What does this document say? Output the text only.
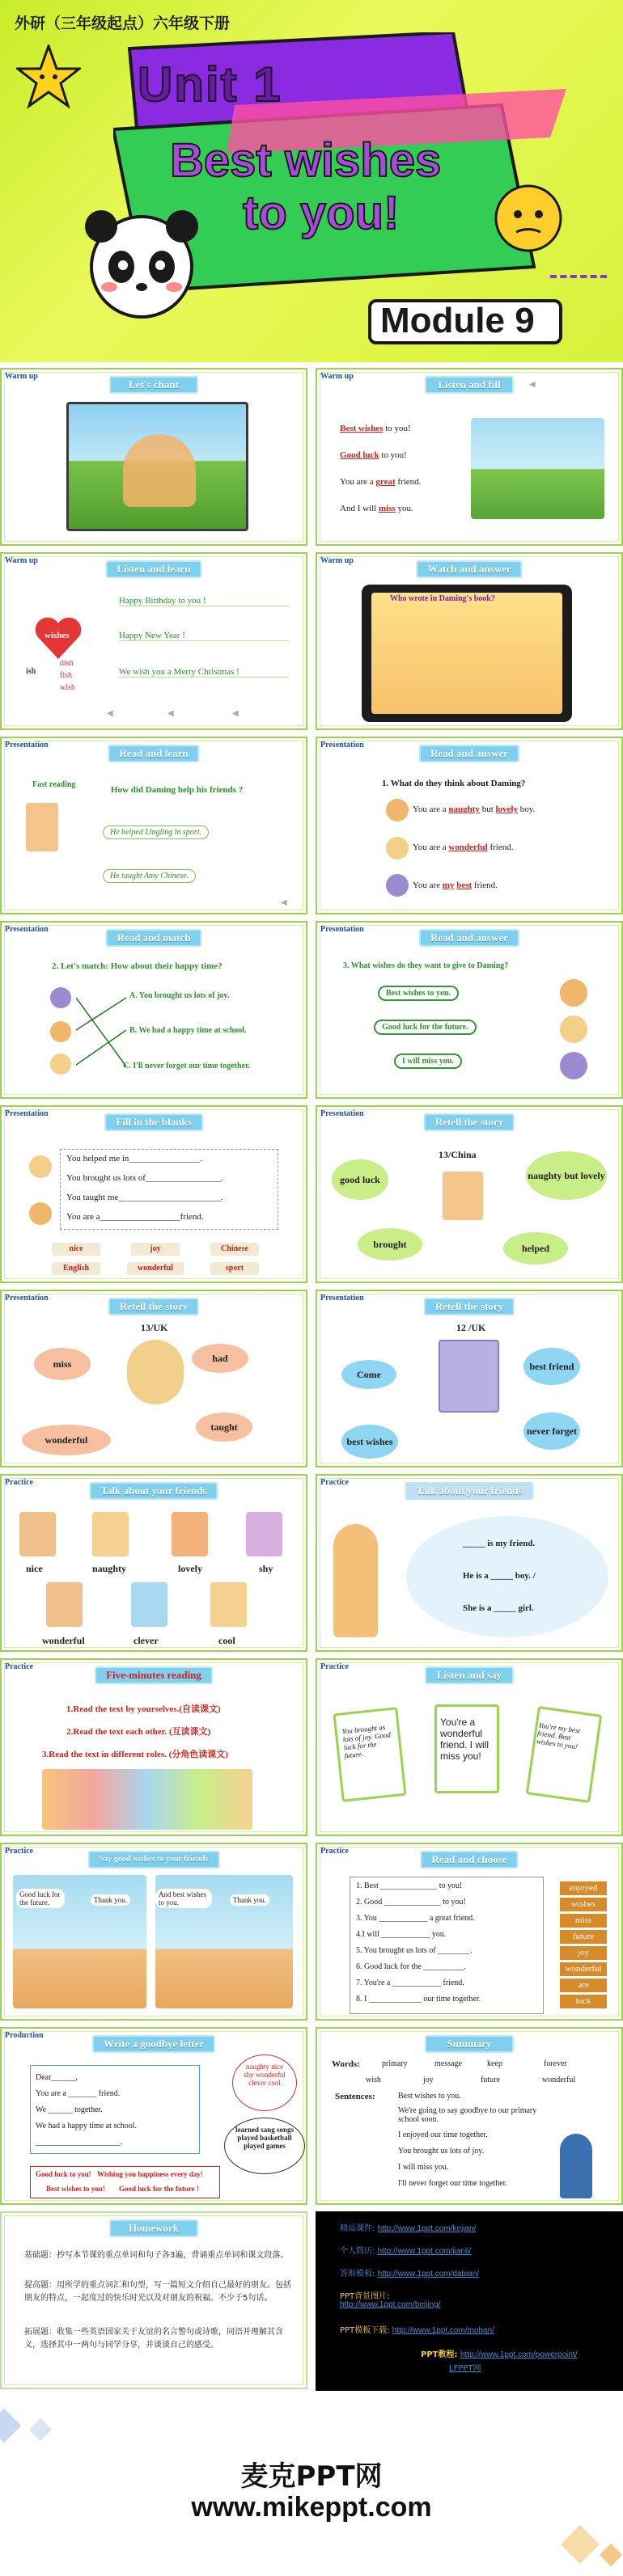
外研（三年级起点）六年级下册
Unit 1
Best wishes
to you!
Module 9
Warm up
Let's chant
Warm up
Listen and fill	◀
Best wishes to you!
Good luck to you!
You are a great friend.
And I will miss you.
Warm up
Listen and learn
wishes
ish
dish
fish
wish
Happy Birthday to you !
Happy New Year !
We wish you a Merry Christmas !
◀	◀	◀
Warm up
Watch and answer
Who wrote in Daming's book?
Presentation
Read and learn
Fast reading
How did Daming help his friends ?
He helped Lingling in sport.
He taught Amy Chinese.
◀
Presentation
Read and answer
1. What do they think about Daming?
You are a naughty but lovely boy.
You are a wonderful friend.
You are my best friend.
Presentation
Read and match
2. Let's match: How about their happy time?
A. You brought us lots of joy.
B. We had a happy time at school.
C. I'll never forget our time together.
Presentation
Read and answer
3. What wishes do they want to give to Daming?
Best wishes to you.
Good luck for the future.
I will miss you.
Presentation
Fill in the blanks
You helped me in________________.
You brought us lots of_________________.
You taught me_______________________.
You are a__________________friend.
nice	joy	Chinese
English	wonderful	sport
Presentation
Retell the story
13/China
good luck	naughty but lovely
brought	helped
Presentation
Retell the story
13/UK
miss	had
wonderful
taught
Presentation
Retell the story
12 /UK
Come
best friend
best wishes
never forget
Practice
Talk about your friends
nice	naughty	lovely	shy
wonderful	clever	cool
Practice
Talk about your friends
_____ is my friend.
He is a _____ boy. /
She is a _____ girl.
Practice
Five-minutes reading
1.Read the text by yourselves.(自读课文)
2.Read the text each other. (互读课文)
3.Read the text in different roles. (分角色读课文)
Practice
Listen and say
You brought us lots of joy. Good luck for the future.
You're a wonderful friend. I will miss you!
You're my best friend. Best wishes to you!
Practice
Say good wishes to your friends
Good luck for the future.	Thank you.
And best wishes to you.	Thank you.
Practice
Read and choose
1. Best ______________ to you!
2. Good ______________ to you!
3. You ____________ a great friend.
4.I will ____________ you.
5. You brought us lots of ________.
6. Good luck for the __________.
7. You're a ____________ friend.
8. I _____________ our time together.
enjoyed
wishes
miss
future
joy
wonderful
are
luck
Production
Write a goodbye letter
Dear______,
You are a _______ friend.
We ______ together.
We had a happy time at school.
_____________________.
naughty nice shy wonderful clever cool
learned sang songs played basketball played games
Good luck to you!
Best wishes to you!
Wishing you happiness every day!
Good luck for the future !
Summary
Words:	primary	message	keep	forever
wish	joy	future	wonderful
Sentences:	Best wishes to you.
We're going to say goodbye to our primary school soon.
I enjoyed our time together.
You brought us lots of joy.
I will miss you.
I'll never forget our time together.
Homework
基础题：抄写本节课的重点单词和句子各3遍，背诵重点单词和课文段落。
提高题：用所学的重点词汇和句型，写一篇短文介绍自己最好的朋友。包括朋友的特点，一起度过的快乐时光以及对朋友的祝福。不少于5句话。
拓展题：收集一些英语国家关于友谊的名言警句或诗歌，同语并理解其含义，选择其中一两句与同学分享，并谈谈自己的感受。
精品课件: http://www.1ppt.com/kejian/
个人简历: http://www.1ppt.com/jianli/
答辩模板: http://www.1ppt.com/dabian/
PPT背景图片:
http://www.1ppt.com/beijing/
PPT模板下载: http://www.1ppt.com/moban/
PPT教程: http://www.1ppt.com/powerpoint/
LFPPT网
麦克PPT网
www.mikeppt.com
